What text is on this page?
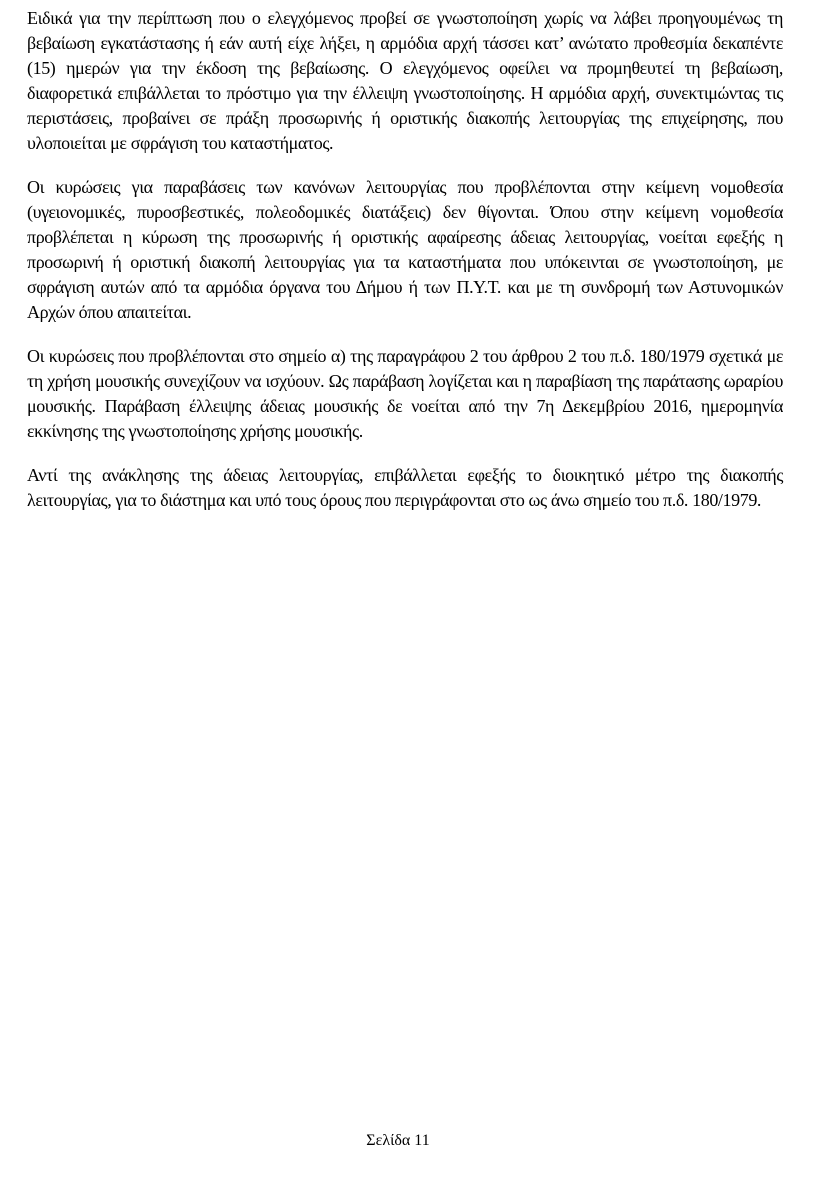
Ειδικά για την περίπτωση που ο ελεγχόμενος προβεί σε γνωστοποίηση χωρίς να λάβει προηγουμένως τη βεβαίωση εγκατάστασης ή εάν αυτή είχε λήξει, η αρμόδια αρχή τάσσει κατ’ ανώτατο προθεσμία δεκαπέντε (15) ημερών για την έκδοση της βεβαίωσης. Ο ελεγχόμενος οφείλει να προμηθευτεί τη βεβαίωση, διαφορετικά επιβάλλεται το πρόστιμο για την έλλειψη γνωστοποίησης. Η αρμόδια αρχή, συνεκτιμώντας τις περιστάσεις, προβαίνει σε πράξη προσωρινής ή οριστικής διακοπής λειτουργίας της επιχείρησης, που υλοποιείται με σφράγιση του καταστήματος.

Οι κυρώσεις για παραβάσεις των κανόνων λειτουργίας που προβλέπονται στην κείμενη νομοθεσία (υγειονομικές, πυροσβεστικές, πολεοδομικές διατάξεις) δεν θίγονται. Όπου στην κείμενη νομοθεσία προβλέπεται η κύρωση της προσωρινής ή οριστικής αφαίρεσης άδειας λειτουργίας, νοείται εφεξής η προσωρινή ή οριστική διακοπή λειτουργίας για τα καταστήματα που υπόκεινται σε γνωστοποίηση, με σφράγιση αυτών από τα αρμόδια όργανα του Δήμου ή των Π.Υ.Τ. και με τη συνδρομή των Αστυνομικών Αρχών όπου απαιτείται.

Οι κυρώσεις που προβλέπονται στο σημείο α) της παραγράφου 2 του άρθρου 2 του π.δ. 180/1979 σχετικά με τη χρήση μουσικής συνεχίζουν να ισχύουν. Ως παράβαση λογίζεται και η παραβίαση της παράτασης ωραρίου μουσικής. Παράβαση έλλειψης άδειας μουσικής δε νοείται από την 7η Δεκεμβρίου 2016, ημερομηνία εκκίνησης της γνωστοποίησης χρήσης μουσικής.

Αντί της ανάκλησης της άδειας λειτουργίας, επιβάλλεται εφεξής το διοικητικό μέτρο της διακοπής λειτουργίας, για το διάστημα και υπό τους όρους που περιγράφονται στο ως άνω σημείο του π.δ. 180/1979.

Σελίδα 11
